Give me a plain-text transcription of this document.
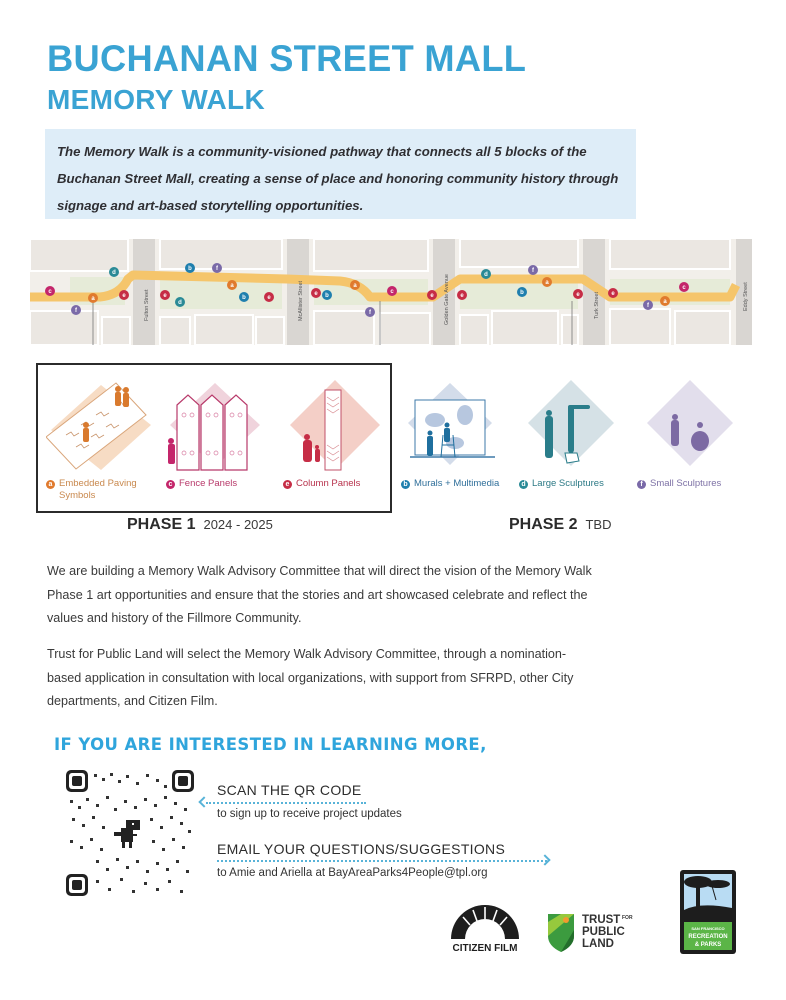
BUCHANAN STREET MALL
MEMORY WALK

The Memory Walk is a community-visioned pathway that connects all 5 blocks of the Buchanan Street Mall, creating a sense of place and honoring community history through signage and art-based storytelling opportunities.

Fulton Street	McAllister Street	Golden Gate Avenue	Turk Street	Eddy Street
c
a
f
d
e
b	f
e
d
a
b	e
e b
a
c
f
e	e
d
f
b
a
e	e
f
a
c
a Embedded Paving
Symbols
c Fence Panels	e Column Panels	b Murals + Multimedia	d Large Sculptures	f Small Sculptures
PHASE 1 2024 - 2025	PHASE 2 TBD

We are building a Memory Walk Advisory Committee that will direct the vision of the Memory Walk Phase 1 art opportunities and ensure that the stories and art showcased celebrate and reflect the values and history of the Fillmore Community.

Trust for Public Land will select the Memory Walk Advisory Committee, through a nomination-based application in consultation with local organizations, with support from SFRPD, other City departments, and Citizen Film.

IF YOU ARE INTERESTED IN LEARNING MORE,
SCAN THE QR CODE
to sign up to receive project updates
EMAIL YOUR QUESTIONS/SUGGESTIONS
to Amie and Ariella at BayAreaParks4People@tpl.org
CITIZEN FILM
TRUST FOR
PUBLIC
LAND
SAN FRANCISCO
RECREATION
& PARKS
